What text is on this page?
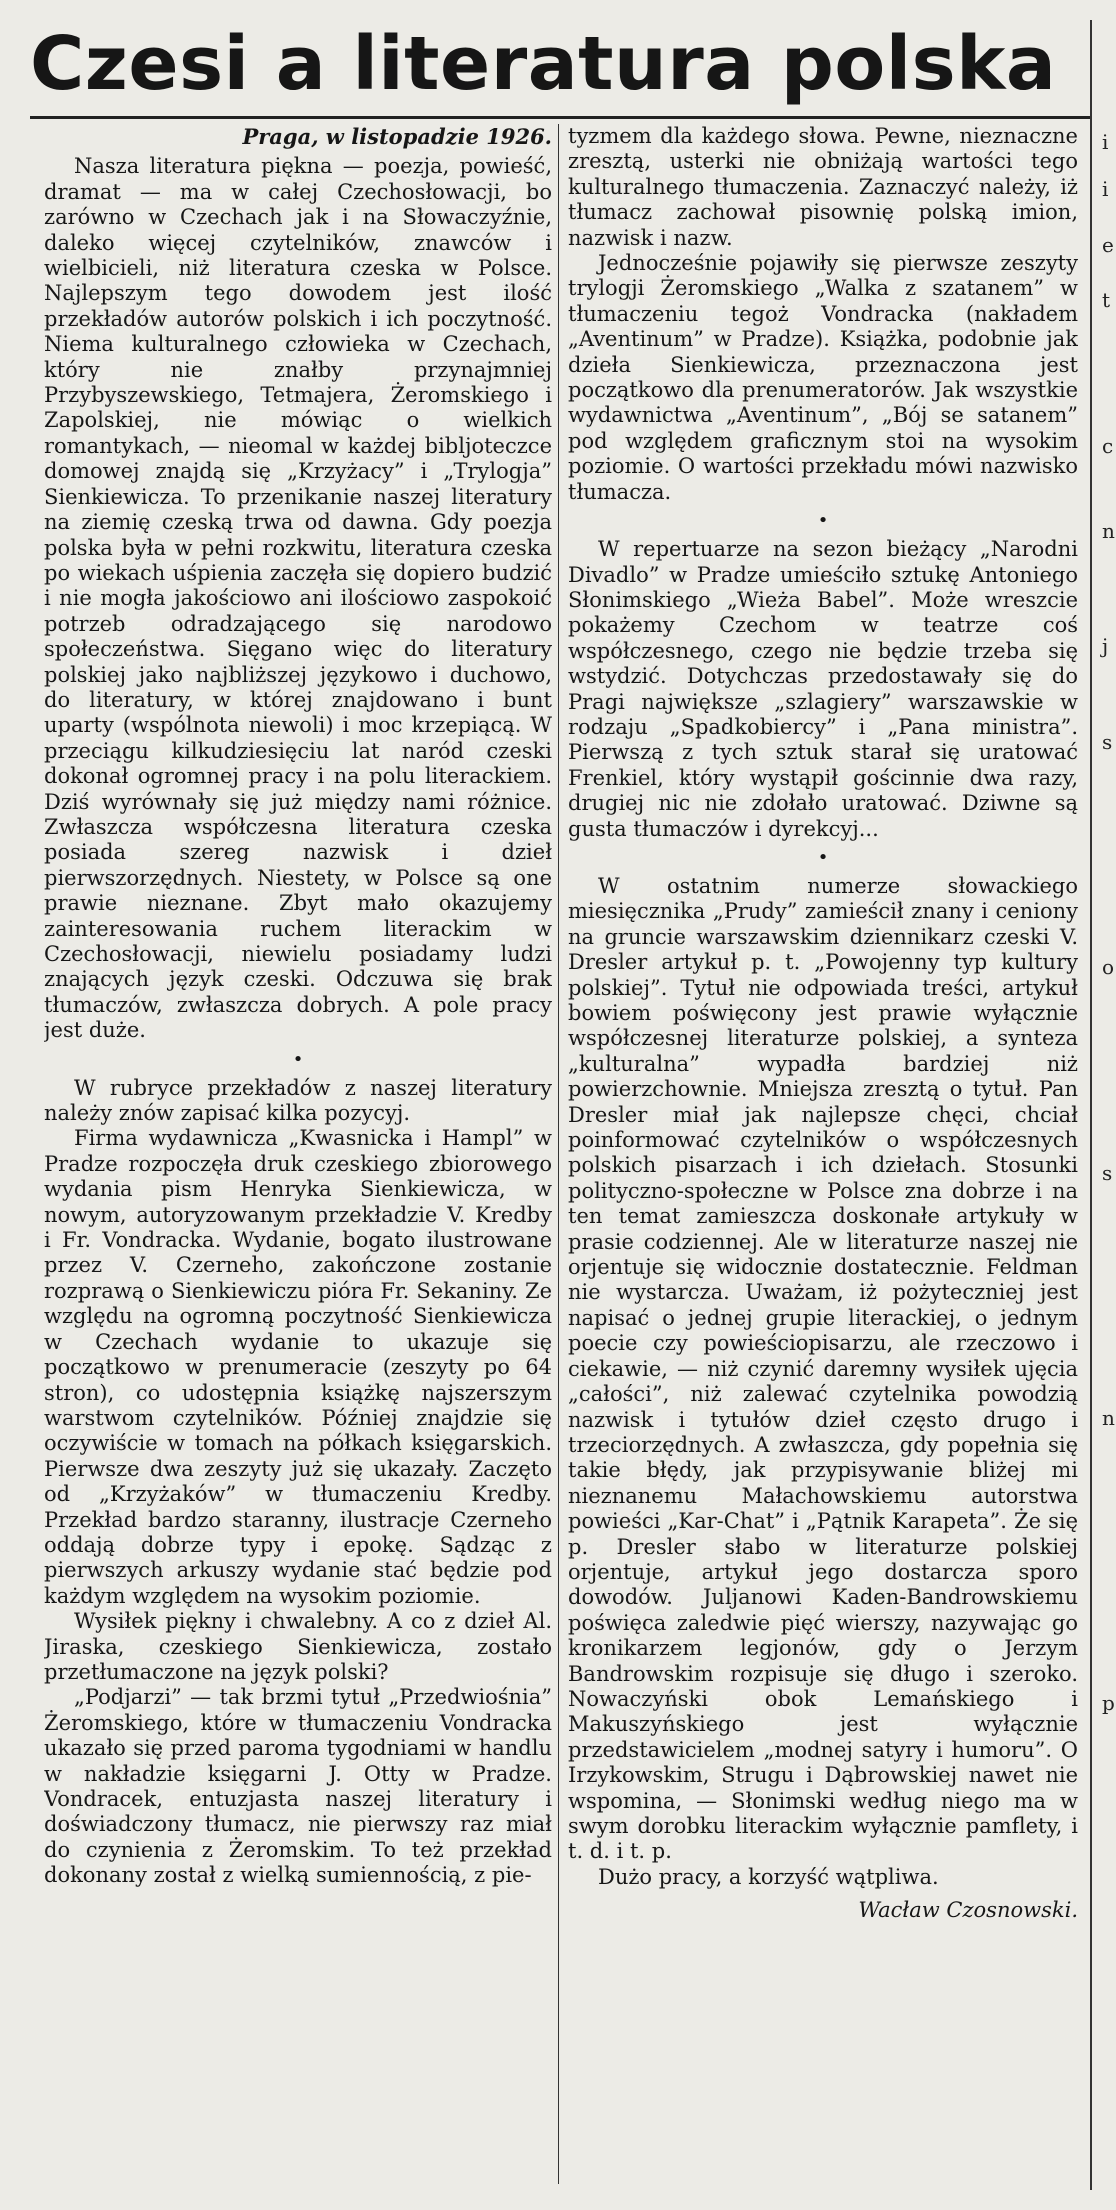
Czesi a literatura polska

Praga, w listopadzie 1926.

Nasza literatura piękna — poezja, powieść, dramat — ma w całej Czechosłowacji, bo zarówno w Czechach jak i na Słowaczyźnie, daleko więcej czytelników, znawców i wielbicieli, niż literatura czeska w Polsce. Najlepszym tego dowodem jest ilość przekładów autorów polskich i ich poczytność. Niema kulturalnego człowieka w Czechach, który nie znałby przynajmniej Przybyszewskiego, Tetmajera, Żeromskiego i Zapolskiej, nie mówiąc o wielkich romantykach, — nieomal w każdej bibljoteczce domowej znajdą się „Krzyżacy” i „Trylogja” Sienkiewicza. To przenikanie naszej literatury na ziemię czeską trwa od dawna. Gdy poezja polska była w pełni rozkwitu, literatura czeska po wiekach uśpienia zaczęła się dopiero budzić i nie mogła jakościowo ani ilościowo zaspokoić potrzeb odradzającego się narodowo społeczeństwa. Sięgano więc do literatury polskiej jako najbliższej językowo i duchowo, do literatury, w której znajdowano i bunt uparty (wspólnota niewoli) i moc krzepiącą. W przeciągu kilkudziesięciu lat naród czeski dokonał ogromnej pracy i na polu literackiem. Dziś wyrównały się już między nami różnice. Zwłaszcza współczesna literatura czeska posiada szereg nazwisk i dzieł pierwszorzędnych. Niestety, w Polsce są one prawie nieznane. Zbyt mało okazujemy zainteresowania ruchem literackim w Czechosłowacji, niewielu posiadamy ludzi znających język czeski. Odczuwa się brak tłumaczów, zwłaszcza dobrych. A pole pracy jest duże.

•

W rubryce przekładów z naszej literatury należy znów zapisać kilka pozycyj.

Firma wydawnicza „Kwasnicka i Hampl” w Pradze rozpoczęła druk czeskiego zbiorowego wydania pism Henryka Sienkiewicza, w nowym, autoryzowanym przekładzie V. Kredby i Fr. Vondracka. Wydanie, bogato ilustrowane przez V. Czerneho, zakończone zostanie rozprawą o Sienkiewiczu pióra Fr. Sekaniny. Ze względu na ogromną poczytność Sienkiewicza w Czechach wydanie to ukazuje się początkowo w prenumeracie (zeszyty po 64 stron), co udostępnia książkę najszerszym warstwom czytelników. Później znajdzie się oczywiście w tomach na półkach księgarskich. Pierwsze dwa zeszyty już się ukazały. Zaczęto od „Krzyżaków” w tłumaczeniu Kredby. Przekład bardzo staranny, ilustracje Czerneho oddają dobrze typy i epokę. Sądząc z pierwszych arkuszy wydanie stać będzie pod każdym względem na wysokim poziomie.

Wysiłek piękny i chwalebny. A co z dzieł Al. Jiraska, czeskiego Sienkiewicza, zostało przetłumaczone na język polski?

„Podjarzi” — tak brzmi tytuł „Przedwiośnia” Żeromskiego, które w tłumaczeniu Vondracka ukazało się przed paroma tygodniami w handlu w nakładzie księgarni J. Otty w Pradze. Vondracek, entuzjasta naszej literatury i doświadczony tłumacz, nie pierwszy raz miał do czynienia z Żeromskim. To też przekład dokonany został z wielką sumiennością, z pie-

tyzmem dla każdego słowa. Pewne, nieznaczne zresztą, usterki nie obniżają wartości tego kulturalnego tłumaczenia. Zaznaczyć należy, iż tłumacz zachował pisownię polską imion, nazwisk i nazw.

Jednocześnie pojawiły się pierwsze zeszyty trylogji Żeromskiego „Walka z szatanem” w tłumaczeniu tegoż Vondracka (nakładem „Aventinum” w Pradze). Książka, podobnie jak dzieła Sienkiewicza, przeznaczona jest początkowo dla prenumeratorów. Jak wszystkie wydawnictwa „Aventinum”, „Bój se satanem” pod względem graficznym stoi na wysokim poziomie. O wartości przekładu mówi nazwisko tłumacza.

•

W repertuarze na sezon bieżący „Narodni Divadlo” w Pradze umieściło sztukę Antoniego Słonimskiego „Wieża Babel”. Może wreszcie pokażemy Czechom w teatrze coś współczesnego, czego nie będzie trzeba się wstydzić. Dotychczas przedostawały się do Pragi największe „szlagiery” warszawskie w rodzaju „Spadkobiercy” i „Pana ministra”. Pierwszą z tych sztuk starał się uratować Frenkiel, który wystąpił gościnnie dwa razy, drugiej nic nie zdołało uratować. Dziwne są gusta tłumaczów i dyrekcyj...

•

W ostatnim numerze słowackiego miesięcznika „Prudy” zamieścił znany i ceniony na gruncie warszawskim dziennikarz czeski V. Dresler artykuł p. t. „Powojenny typ kultury polskiej”. Tytuł nie odpowiada treści, artykuł bowiem poświęcony jest prawie wyłącznie współczesnej literaturze polskiej, a synteza „kulturalna” wypadła bardziej niż powierzchownie. Mniejsza zresztą o tytuł. Pan Dresler miał jak najlepsze chęci, chciał poinformować czytelników o współczesnych polskich pisarzach i ich dziełach. Stosunki polityczno-społeczne w Polsce zna dobrze i na ten temat zamieszcza doskonałe artykuły w prasie codziennej. Ale w literaturze naszej nie orjentuje się widocznie dostatecznie. Feldman nie wystarcza. Uważam, iż pożyteczniej jest napisać o jednej grupie literackiej, o jednym poecie czy powieściopisarzu, ale rzeczowo i ciekawie, — niż czynić daremny wysiłek ujęcia „całości”, niż zalewać czytelnika powodzią nazwisk i tytułów dzieł często drugo i trzeciorzędnych. A zwłaszcza, gdy popełnia się takie błędy, jak przypisywanie bliżej mi nieznanemu Małachowskiemu autorstwa powieści „Kar-Chat” i „Pątnik Karapeta”. Że się p. Dresler słabo w literaturze polskiej orjentuje, artykuł jego dostarcza sporo dowodów. Juljanowi Kaden-Bandrowskiemu poświęca zaledwie pięć wierszy, nazywając go kronikarzem legjonów, gdy o Jerzym Bandrowskim rozpisuje się długo i szeroko. Nowaczyński obok Lemańskiego i Makuszyńskiego jest wyłącznie przedstawicielem „modnej satyry i humoru”. O Irzykowskim, Strugu i Dąbrowskiej nawet nie wspomina, — Słonimski według niego ma w swym dorobku literackim wyłącznie pamflety, i t. d. i t. p.

Dużo pracy, a korzyść wątpliwa.

Wacław Czosnowski.

i
i
e
t
c
n
j
s
o
s
n
p
